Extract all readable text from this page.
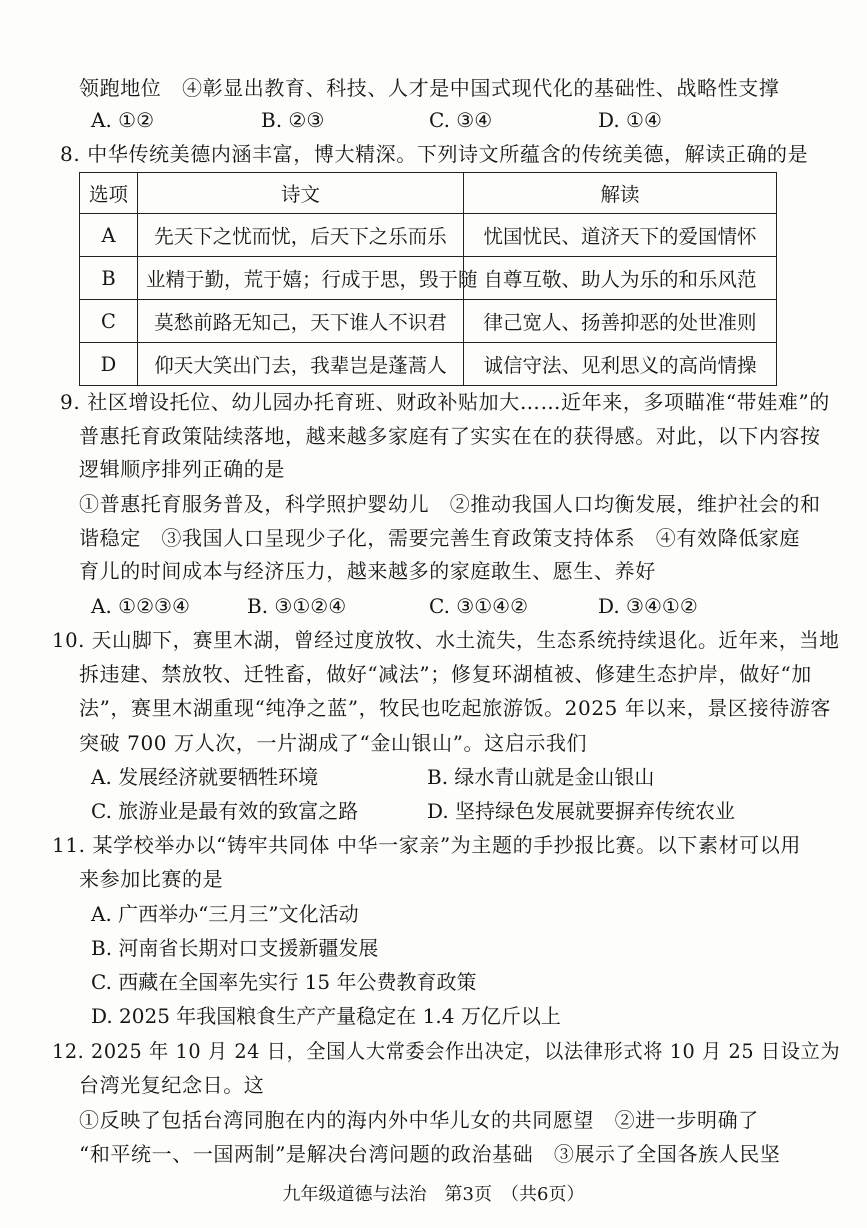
领跑地位　④彰显出教育、科技、人才是中国式现代化的基础性、战略性支撑
A. ①②	B. ②③	C. ③④	D. ①④
8. 中华传统美德内涵丰富，博大精深。下列诗文所蕴含的传统美德，解读正确的是
选项	诗文	解读
A	先天下之忧而忧，后天下之乐而乐	忧国忧民、道济天下的爱国情怀
B	业精于勤，荒于嬉；行成于思，毁于随	自尊互敬、助人为乐的和乐风范
C	莫愁前路无知己，天下谁人不识君	律己宽人、扬善抑恶的处世准则
D	仰天大笑出门去，我辈岂是蓬蒿人	诚信守法、见利思义的高尚情操
9. 社区增设托位、幼儿园办托育班、财政补贴加大……近年来，多项瞄准“带娃难”的
普惠托育政策陆续落地，越来越多家庭有了实实在在的获得感。对此，以下内容按
逻辑顺序排列正确的是
①普惠托育服务普及，科学照护婴幼儿　②推动我国人口均衡发展，维护社会的和
谐稳定　③我国人口呈现少子化，需要完善生育政策支持体系　④有效降低家庭
育儿的时间成本与经济压力，越来越多的家庭敢生、愿生、养好
A. ①②③④	B. ③①②④	C. ③①④②	D. ③④①②
10. 天山脚下，赛里木湖，曾经过度放牧、水土流失，生态系统持续退化。近年来，当地
拆违建、禁放牧、迁牲畜，做好“减法”；修复环湖植被、修建生态护岸，做好“加
法”，赛里木湖重现“纯净之蓝”，牧民也吃起旅游饭。2025 年以来，景区接待游客
突破 700 万人次，一片湖成了“金山银山”。这启示我们
A. 发展经济就要牺牲环境	B. 绿水青山就是金山银山
C. 旅游业是最有效的致富之路	D. 坚持绿色发展就要摒弃传统农业
11. 某学校举办以“铸牢共同体 中华一家亲”为主题的手抄报比赛。以下素材可以用
来参加比赛的是
A. 广西举办“三月三”文化活动
B. 河南省长期对口支援新疆发展
C. 西藏在全国率先实行 15 年公费教育政策
D. 2025 年我国粮食生产产量稳定在 1.4 万亿斤以上
12. 2025 年 10 月 24 日，全国人大常委会作出决定，以法律形式将 10 月 25 日设立为
台湾光复纪念日。这
①反映了包括台湾同胞在内的海内外中华儿女的共同愿望　②进一步明确了
“和平统一、一国两制”是解决台湾问题的政治基础　③展示了全国各族人民坚
九年级道德与法治　第3页　（共6页）
